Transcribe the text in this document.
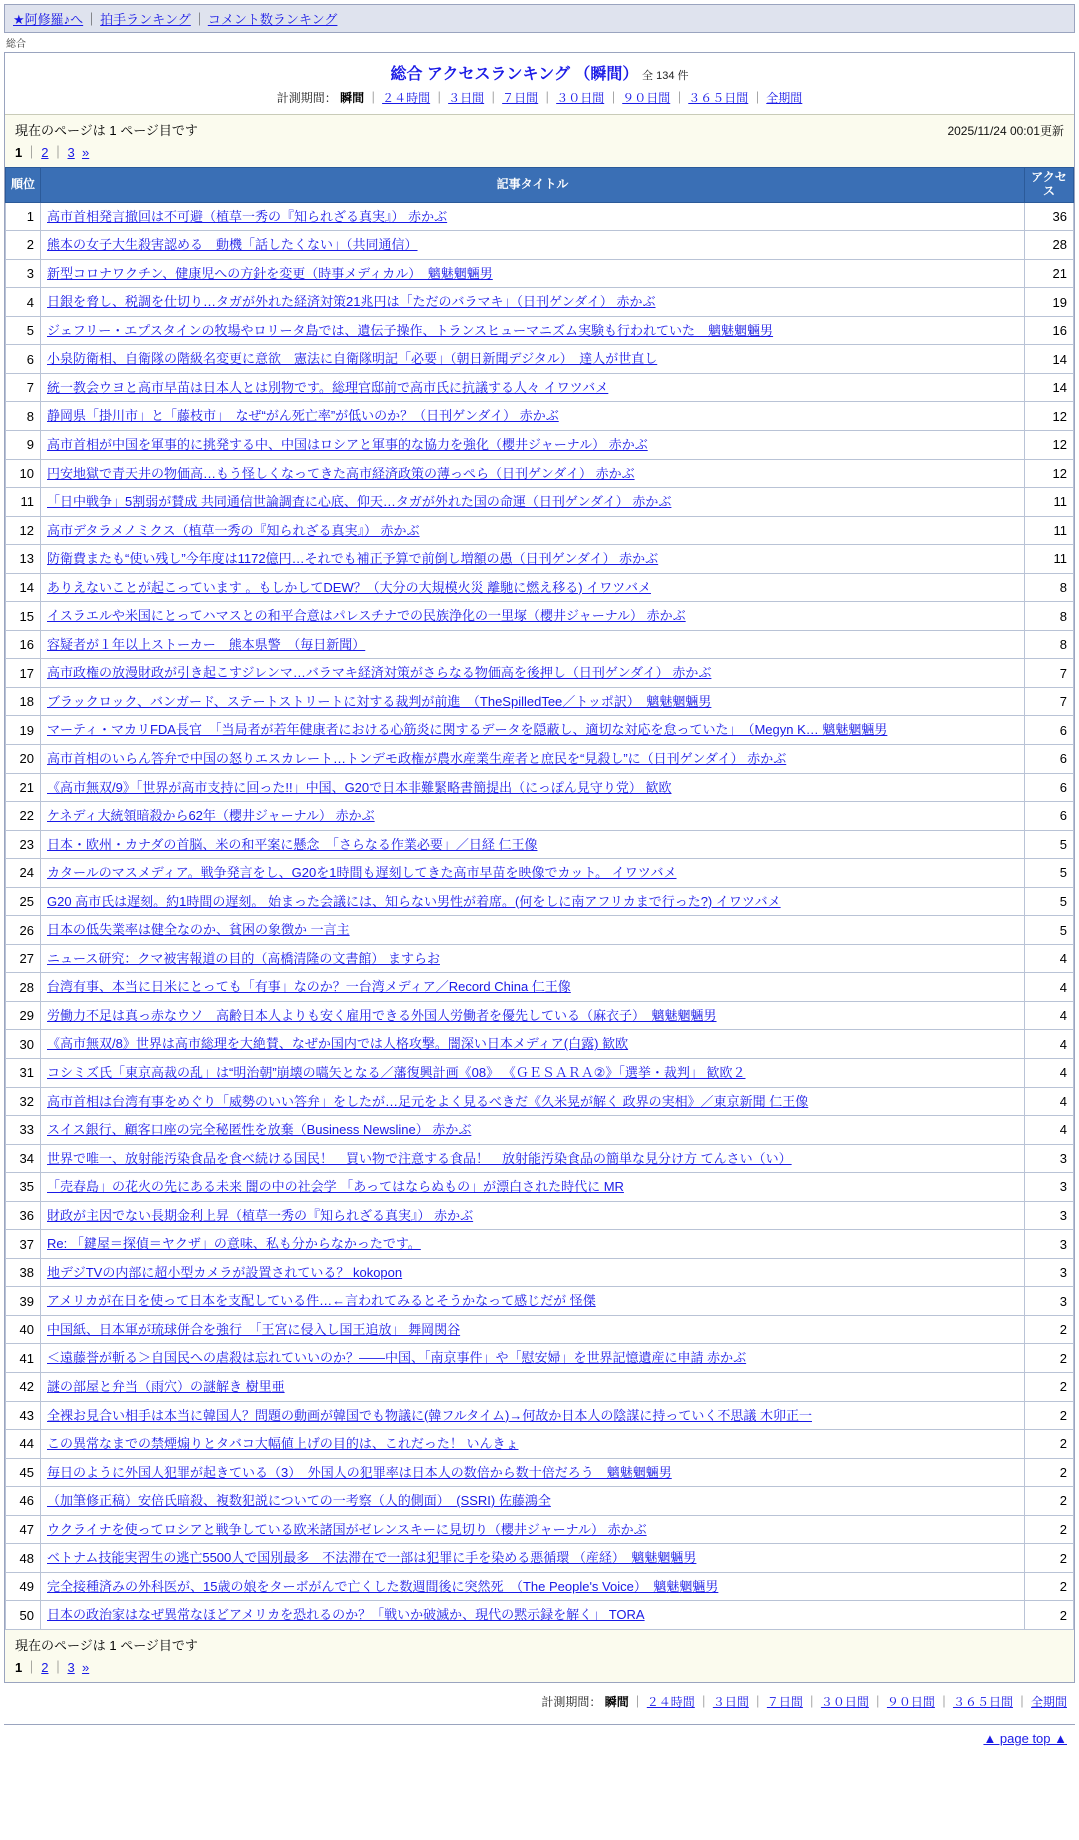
★阿修羅♪へ ｜ 拍手ランキング ｜ コメント数ランキング
総合
総合 アクセスランキング （瞬間） 全 134 件
計測期間： 瞬間 ｜ ２４時間 ｜ ３日間 ｜ ７日間 ｜ ３０日間 ｜ ９０日間 ｜ ３６５日間 ｜ 全期間
現在のページは 1 ページ目です	2025/11/24 00:01更新
1 ｜ 2 ｜ 3 »
順位	記事タイトル	アクセス
1	高市首相発言撤回は不可避（植草一秀の『知られざる真実』） 赤かぶ	36
2	熊本の女子大生殺害認める　動機「話したくない」（共同通信）	28
3	新型コロナワクチン、健康児への方針を変更（時事メディカル）　魑魅魍魎男	21
4	日銀を脅し、税調を仕切り…タガが外れた経済対策21兆円は「ただのバラマキ」（日刊ゲンダイ） 赤かぶ	19
5	ジェフリー・エプスタインの牧場やロリータ島では、遺伝子操作、トランスヒューマニズム実験も行われていた　魑魅魍魎男	16
6	小泉防衛相、自衛隊の階級名変更に意欲　憲法に自衛隊明記「必要」（朝日新聞デジタル）　達人が世直し	14
7	統一教会ウヨと高市早苗は日本人とは別物です。総理官邸前で高市氏に抗議する人々 イワツバメ	14
8	静岡県「掛川市」と「藤枝市」　なぜ“がん死亡率”が低いのか？（日刊ゲンダイ） 赤かぶ	12
9	高市首相が中国を軍事的に挑発する中、中国はロシアと軍事的な協力を強化（櫻井ジャーナル） 赤かぶ	12
10	円安地獄で青天井の物価高…もう怪しくなってきた高市経済政策の薄っぺら（日刊ゲンダイ） 赤かぶ	12
11	「日中戦争」5割弱が賛成 共同通信世論調査に心底、仰天…タガが外れた国の命運（日刊ゲンダイ） 赤かぶ	11
12	高市デタラメノミクス（植草一秀の『知られざる真実』） 赤かぶ	11
13	防衛費またも“使い残し”今年度は1172億円…それでも補正予算で前倒し増額の愚（日刊ゲンダイ） 赤かぶ	11
14	ありえないことが起こっています 。もしかしてDEW？（大分の大規模火災 離馳に燃え移る) イワツバメ	8
15	イスラエルや米国にとってハマスとの和平合意はパレスチナでの民族浄化の一里塚（櫻井ジャーナル） 赤かぶ	8
16	容疑者が１年以上ストーカー　熊本県警　（毎日新聞）	8
17	高市政権の放漫財政が引き起こすジレンマ…バラマキ経済対策がさらなる物価高を後押し（日刊ゲンダイ） 赤かぶ	7
18	ブラックロック、バンガード、ステートストリートに対する裁判が前進　（TheSpilledTee／トッポ訳）　魑魅魍魎男	7
19	マーティ・マカリFDA長官　「当局者が若年健康者における心筋炎に関するデータを隠蔽し、適切な対応を怠っていた」　（Megyn K… 魑魅魍魎男	6
20	高市首相のいらん答弁で中国の怒りエスカレート…トンデモ政権が農水産業生産者と庶民を“見殺し”に（日刊ゲンダイ） 赤かぶ	6
21	《高市無双/9》「世界が高市支持に回った!!」中国、G20で日本非難緊略書簡提出（にっぽん見守り党） 歓欧	6
22	ケネディ大統領暗殺から62年（櫻井ジャーナル） 赤かぶ	6
23	日本・欧州・カナダの首脳、米の和平案に懸念　「さらなる作業必要」／日経 仁王像	5
24	カタールのマスメディア。戦争発言をし、G20を1時間も遅刻してきた高市早苗を映像でカット。 イワツバメ	5
25	G20 高市氏は遅刻。約1時間の遅刻。 始まった会議には、知らない男性が着席。(何をしに南アフリカまで行った?) イワツバメ	5
26	日本の低失業率は健全なのか、貧困の象徴か 一言主	5
27	ニュース研究：クマ被害報道の目的（高橋清隆の文書館） ますらお	4
28	台湾有事、本当に日米にとっても「有事」なのか？一台湾メディア／Record China 仁王像	4
29	労働力不足は真っ赤なウソ　高齢日本人よりも安く雇用できる外国人労働者を優先している（麻衣子）　魑魅魍魎男	4
30	《高市無双/8》世界は高市総理を大絶賛、なぜか国内では人格攻撃。闇深い日本メディア(白露) 歓欧	4
31	コシミズ氏「東京高裁の乱」は“明治朝”崩壊の嚆矢となる／藩復興計画《08》 《ＧＥＳＡＲＡ②》「選挙・裁判」 歓欧２	4
32	高市首相は台湾有事をめぐり「威勢のいい答弁」をしたが…足元をよく見るべきだ《久米晃が解く 政界の実相》／東京新聞 仁王像	4
33	スイス銀行、顧客口座の完全秘匿性を放棄（Business Newsline） 赤かぶ	4
34	世界で唯一、放射能汚染食品を食べ続ける国民！　買い物で注意する食品！　放射能汚染食品の簡単な見分け方 てんさい（い）	3
35	「売春島」の花火の先にある未来 闇の中の社会学 「あってはならぬもの」が漂白された時代に MR	3
36	財政が主因でない長期金利上昇（植草一秀の『知られざる真実』） 赤かぶ	3
37	Re: 「鍵屋＝探偵＝ヤクザ」の意味、私も分からなかったです。	3
38	地デジTVの内部に超小型カメラが設置されている？ kokopon	3
39	アメリカが在日を使って日本を支配している件…←言われてみるとそうかなって感じだが 怪傑	3
40	中国紙、日本軍が琉球併合を強行　「王宮に侵入し国王追放」 舞岡関谷	2
41	＜遠藤誉が斬る＞自国民への虐殺は忘れていいのか？――中国、「南京事件」や「慰安婦」を世界記憶遺産に申請 赤かぶ	2
42	謎の部屋と弁当（雨穴）の謎解き 樹里亜	2
43	全裸お見合い相手は本当に韓国人？問題の動画が韓国でも物議に(韓フルタイム)→何故か日本人の陰謀に持っていく不思議 木卯正一	2
44	この異常なまでの禁煙煽りとタバコ大幅値上げの目的は、これだった！ いんきょ	2
45	毎日のように外国人犯罪が起きている（3）　外国人の犯罪率は日本人の数倍から数十倍だろう　魑魅魍魎男	2
46	（加筆修正稿）安倍氏暗殺、複数犯説についての一考察（人的側面）　(SSRI) 佐藤鴻全	2
47	ウクライナを使ってロシアと戦争している欧米諸国がゼレンスキーに見切り（櫻井ジャーナル） 赤かぶ	2
48	ベトナム技能実習生の逃亡5500人で国別最多　不法滞在で一部は犯罪に手を染める悪循環 （産経）　魑魅魍魎男	2
49	完全接種済みの外科医が、15歳の娘をターボがんで亡くした数週間後に突然死　（The People's Voice）　魑魅魍魎男	2
50	日本の政治家はなぜ異常なほどアメリカを恐れるのか？「戦いか破滅か、現代の黙示録を解く」 TORA	2
現在のページは 1 ページ目です
1 ｜ 2 ｜ 3 »
計測期間： 瞬間 ｜ ２４時間 ｜ ３日間 ｜ ７日間 ｜ ３０日間 ｜ ９０日間 ｜ ３６５日間 ｜ 全期間
▲ page top ▲
